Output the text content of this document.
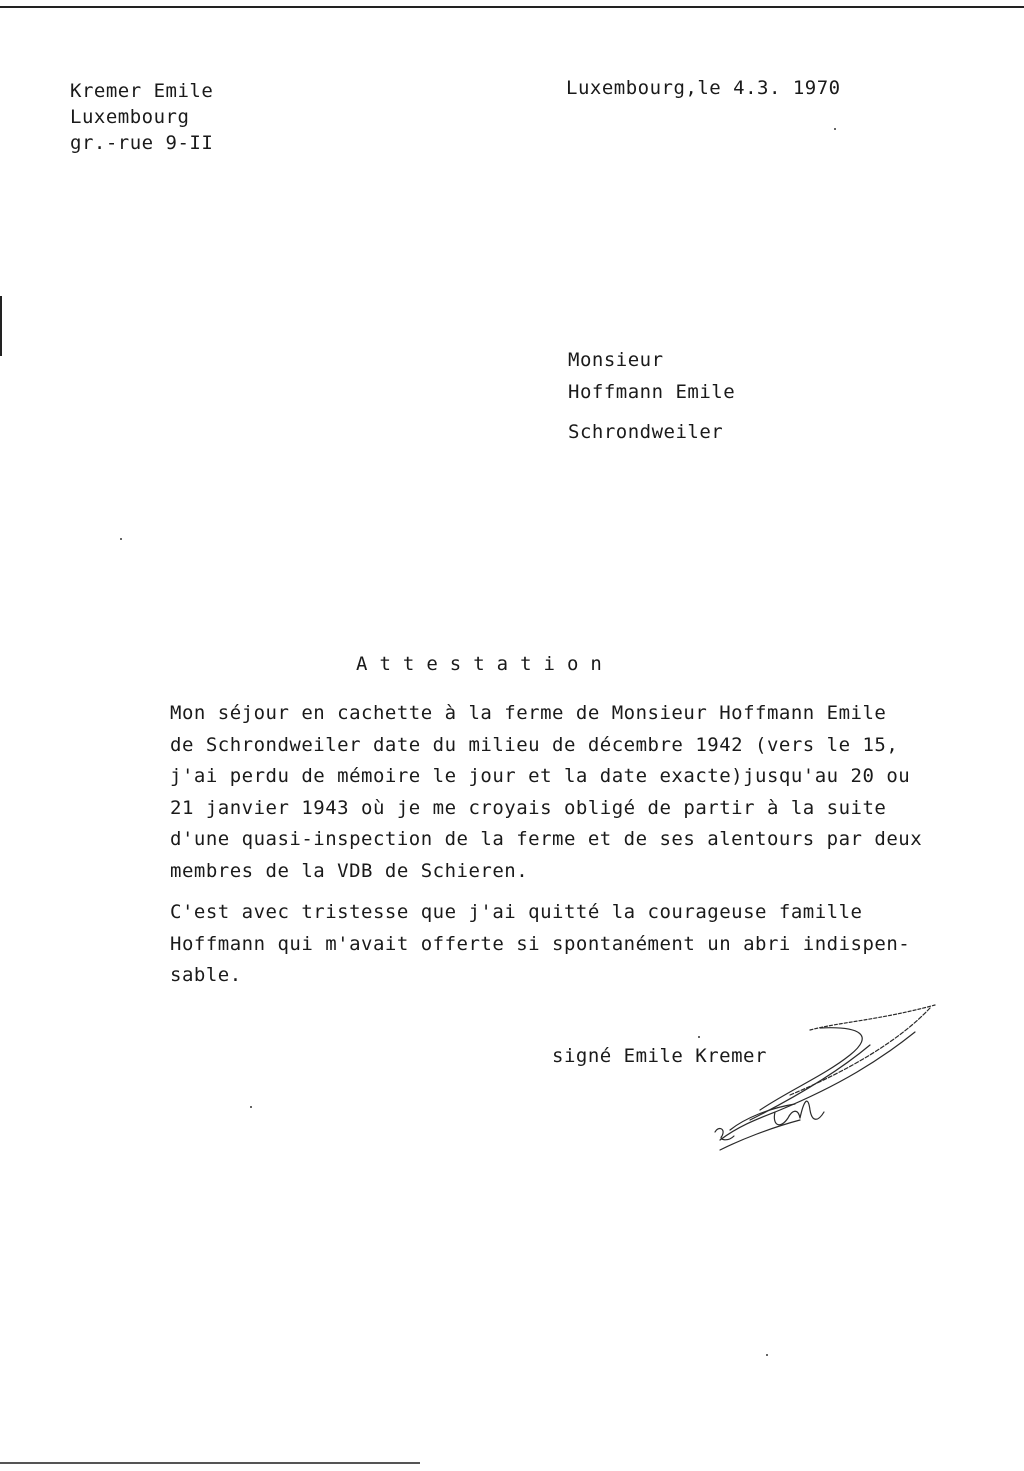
Kremer Emile
Luxembourg
gr.-rue 9-II
Luxembourg,le 4.3. 1970
Monsieur
Hoffmann Emile
Schrondweiler
Attestation
Mon séjour en cachette à la ferme de Monsieur Hoffmann Emile
de Schrondweiler date du milieu de décembre 1942 (vers le 15,
j'ai perdu de mémoire le jour et la date exacte)jusqu'au 20 ou
21 janvier 1943 où je me croyais obligé de partir à la suite
d'une quasi-inspection de la ferme et de ses alentours par deux
membres de la VDB de Schieren.
C'est avec tristesse que j'ai quitté la courageuse famille
Hoffmann qui m'avait offerte si spontanément un abri indispen-
sable.
signé Emile Kremer
